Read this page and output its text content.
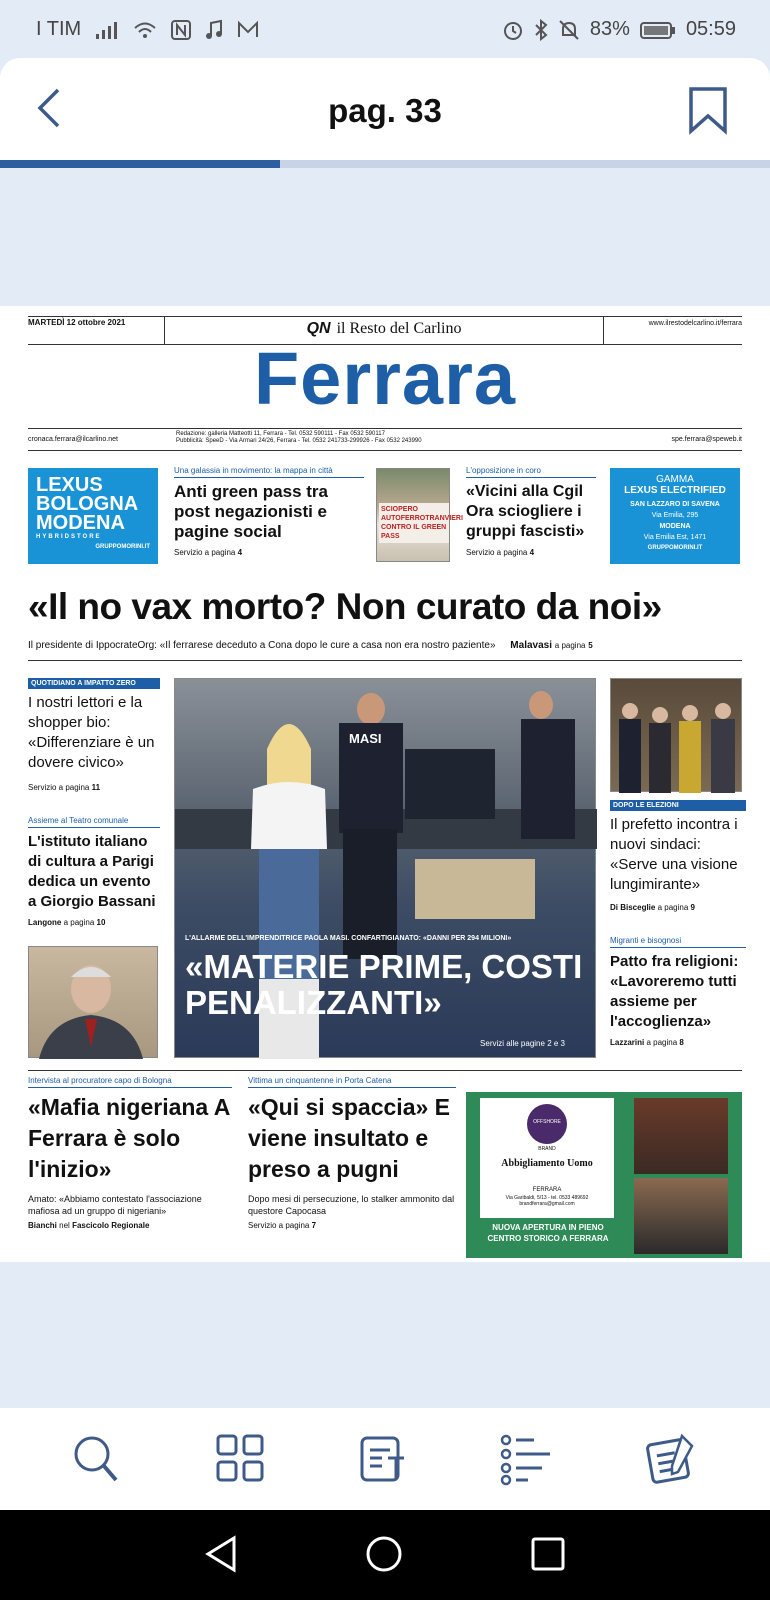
I TIM	83%	05:59
pag. 33
MARTEDÌ 12 ottobre 2021	QN il Resto del Carlino	www.ilrestodelcarlino.it/ferrara
Ferrara
cronaca.ferrara@ilcarlino.net
Redazione: galleria Matteotti 11, Ferrara - Tel. 0532 590111 - Fax 0532 590117
Pubblicità: SpeeD - Via Armari 24/26, Ferrara - Tel. 0532 241733-299926 - Fax 0532 243990	spe.ferrara@speweb.it
LEXUS
BOLOGNA
MODENA
HYBRIDSTORE
GRUPPOMORINI.IT
Una galassia in movimento: la mappa in città
Anti green pass tra post negazionisti e pagine social
Servizio a pagina 4
SCIOPERO AUTOFERROTRANVIERI CONTRO IL GREEN PASS
L'opposizione in coro
«Vicini alla Cgil Ora sciogliere i gruppi fascisti»
Servizio a pagina 4
GAMMA
LEXUS ELECTRIFIED
SAN LAZZARO DI SAVENA
Via Emilia, 295
MODENA
Via Emilia Est, 1471
GRUPPOMORINI.IT
«Il no vax morto? Non curato da noi»
Il presidente di IppocrateOrg: «Il ferrarese deceduto a Cona dopo le cure a casa non era nostro paziente» Malavasi a pagina 5
QUOTIDIANO A IMPATTO ZERO
I nostri lettori e la shopper bio: «Differenziare è un dovere civico»
Servizio a pagina 11
Assieme al Teatro comunale
L'istituto italiano di cultura a Parigi dedica un evento a Giorgio Bassani
Langone a pagina 10
MASI
L'ALLARME DELL'IMPRENDITRICE PAOLA MASI. CONFARTIGIANATO: «DANNI PER 294 MILIONI»
«MATERIE PRIME, COSTI PENALIZZANTI»
Servizi alle pagine 2 e 3
DOPO LE ELEZIONI
Il prefetto incontra i nuovi sindaci: «Serve una visione lungimirante»
Di Bisceglie a pagina 9
Migranti e bisognosi
Patto fra religioni: «Lavoreremo tutti assieme per l'accoglienza»
Lazzarini a pagina 8
Intervista al procuratore capo di Bologna
«Mafia nigeriana A Ferrara è solo l'inizio»
Amato: «Abbiamo contestato l'associazione mafiosa ad un gruppo di nigeriani»
Bianchi nel Fascicolo Regionale
Vittima un cinquantenne in Porta Catena
«Qui si spaccia» E viene insultato e preso a pugni
Dopo mesi di persecuzione, lo stalker ammonito dal questore Capocasa
Servizio a pagina 7
OFFSHORE
BRAND
Abbigliamento Uomo
FERRARA
Via Garibaldi, 5/13 - tel. 0533 489692
brandferrara@gmail.com
NUOVA APERTURA IN PIENO CENTRO STORICO A FERRARA
